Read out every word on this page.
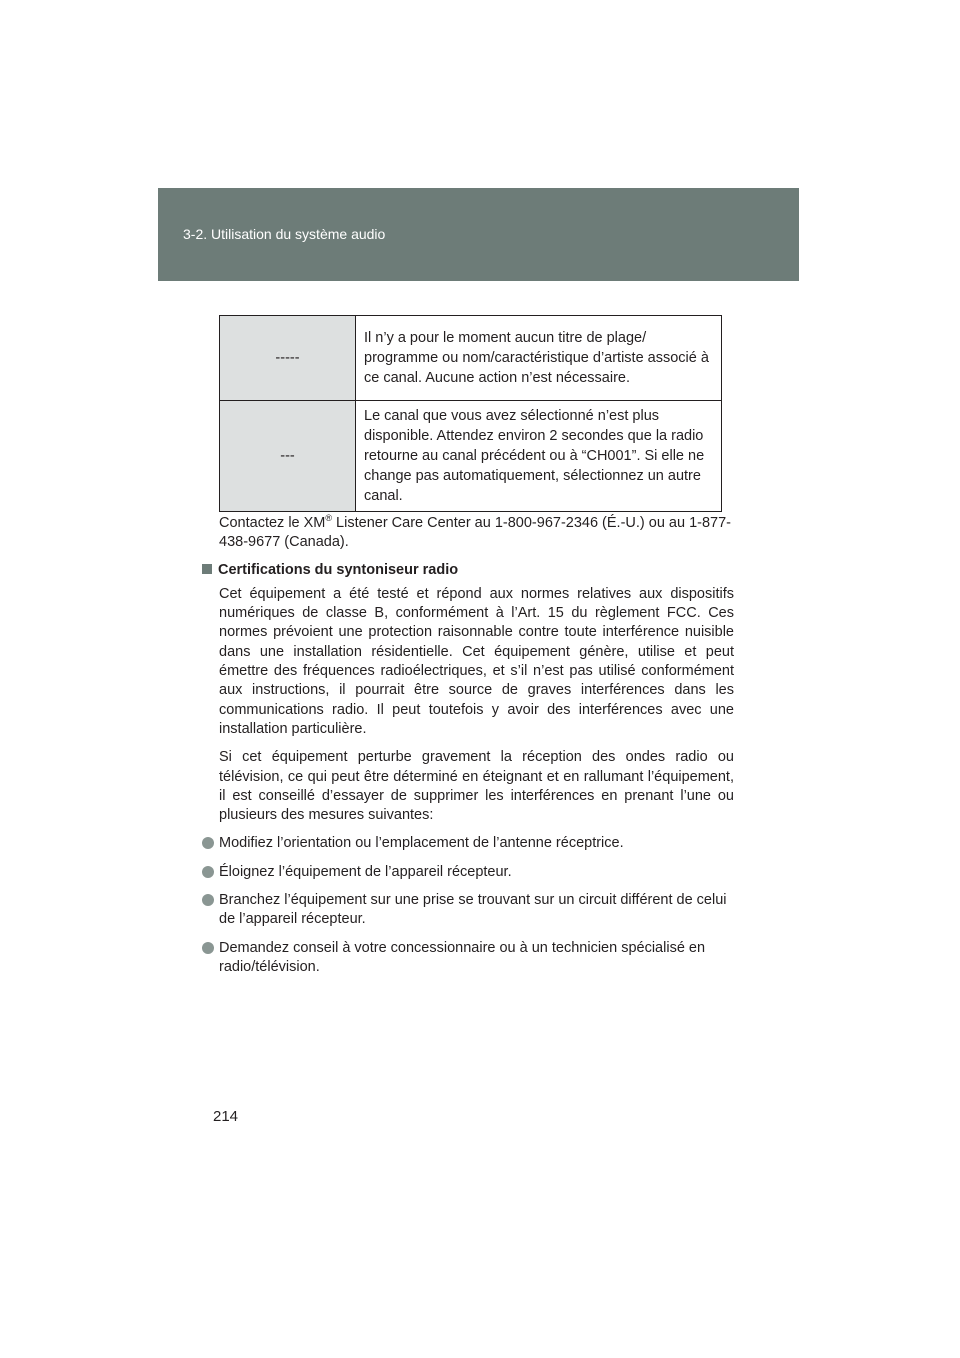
3-2. Utilisation du système audio
-----	Il n’y a pour le moment aucun titre de plage/ programme ou nom/caractéristique d’artiste associé à ce canal. Aucune action n’est nécessaire.
---	Le canal que vous avez sélectionné n’est plus disponible. Attendez environ 2 secondes que la radio retourne au canal précédent ou à “CH001”. Si elle ne change pas automatiquement, sélectionnez un autre canal.

Contactez le XM® Listener Care Center au 1-800-967-2346 (É.-U.) ou au 1-877-438-9677 (Canada).

Certifications du syntoniseur radio

Cet équipement a été testé et répond aux normes relatives aux dispositifs numériques de classe B, conformément à l’Art. 15 du règlement FCC. Ces normes prévoient une protection raisonnable contre toute interférence nuisible dans une installation résidentielle. Cet équipement génère, utilise et peut émettre des fréquences radioélectriques, et s’il n’est pas utilisé conformément aux instructions, il pourrait être source de graves interférences dans les communications radio. Il peut toutefois y avoir des interférences avec une installation particulière.

Si cet équipement perturbe gravement la réception des ondes radio ou télévision, ce qui peut être déterminé en éteignant et en rallumant l’équipement, il est conseillé d’essayer de supprimer les interférences en prenant l’une ou plusieurs des mesures suivantes:

Modifiez l’orientation ou l’emplacement de l’antenne réceptrice.

Éloignez l’équipement de l’appareil récepteur.

Branchez l’équipement sur une prise se trouvant sur un circuit différent de celui de l’appareil récepteur.

Demandez conseil à votre concessionnaire ou à un technicien spécialisé en radio/télévision.

214
